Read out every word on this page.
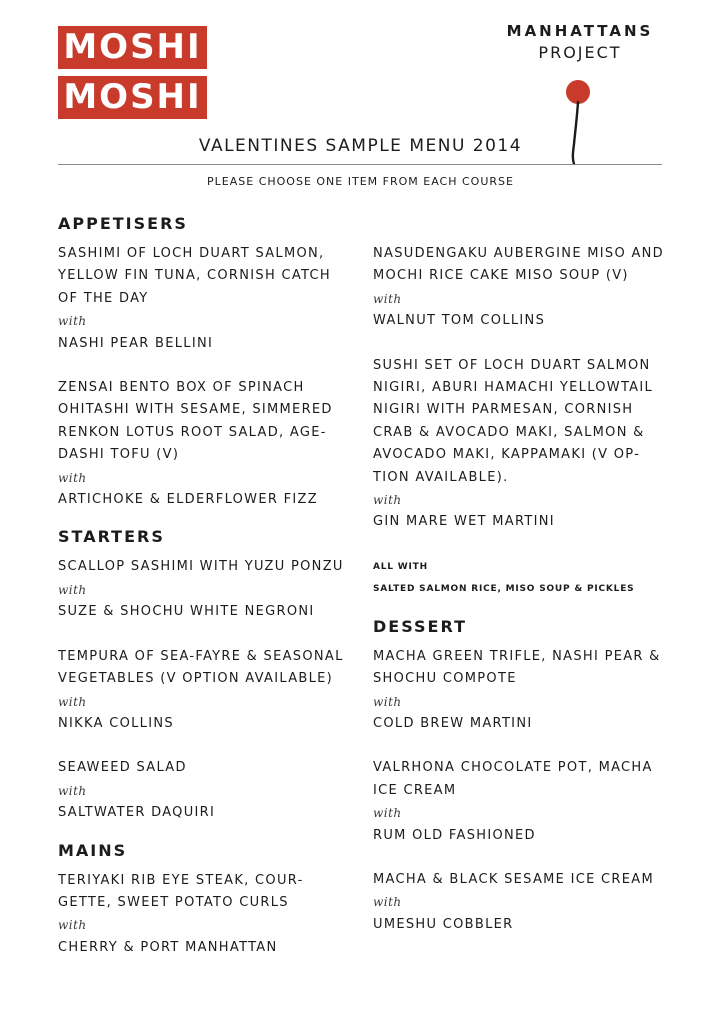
MOSHI
MOSHI
MANHATTANS
PROJECT
VALENTINES SAMPLE MENU 2014
PLEASE CHOOSE ONE ITEM FROM EACH COURSE
APPETISERS
SASHIMI OF LOCH DUART SALMON,
YELLOW FIN TUNA, CORNISH CATCH
OF THE DAY
with
NASHI PEAR BELLINI
ZENSAI BENTO BOX OF SPINACH
OHITASHI WITH SESAME, SIMMERED
RENKON LOTUS ROOT SALAD, AGE-
DASHI TOFU (V)
with
ARTICHOKE & ELDERFLOWER FIZZ
STARTERS
SCALLOP SASHIMI WITH YUZU PONZU
with
SUZE & SHOCHU WHITE NEGRONI
TEMPURA OF SEA-FAYRE & SEASONAL
VEGETABLES (V OPTION AVAILABLE)
with
NIKKA COLLINS
SEAWEED SALAD
with
SALTWATER DAQUIRI
MAINS
TERIYAKI RIB EYE STEAK, COUR-
GETTE, SWEET POTATO CURLS
with
CHERRY & PORT MANHATTAN
NASUDENGAKU AUBERGINE MISO AND
MOCHI RICE CAKE MISO SOUP (V)
with
WALNUT TOM COLLINS
SUSHI SET OF LOCH DUART SALMON
NIGIRI, ABURI HAMACHI YELLOWTAIL
NIGIRI WITH PARMESAN, CORNISH
CRAB & AVOCADO MAKI, SALMON &
AVOCADO MAKI, KAPPAMAKI (V OP-
TION AVAILABLE).
with
GIN MARE WET MARTINI
ALL WITH
SALTED SALMON RICE, MISO SOUP & PICKLES
DESSERT
MACHA GREEN TRIFLE, NASHI PEAR &
SHOCHU COMPOTE
with
COLD BREW MARTINI
VALRHONA CHOCOLATE POT, MACHA
ICE CREAM
with
RUM OLD FASHIONED
MACHA & BLACK SESAME ICE CREAM
with
UMESHU COBBLER
